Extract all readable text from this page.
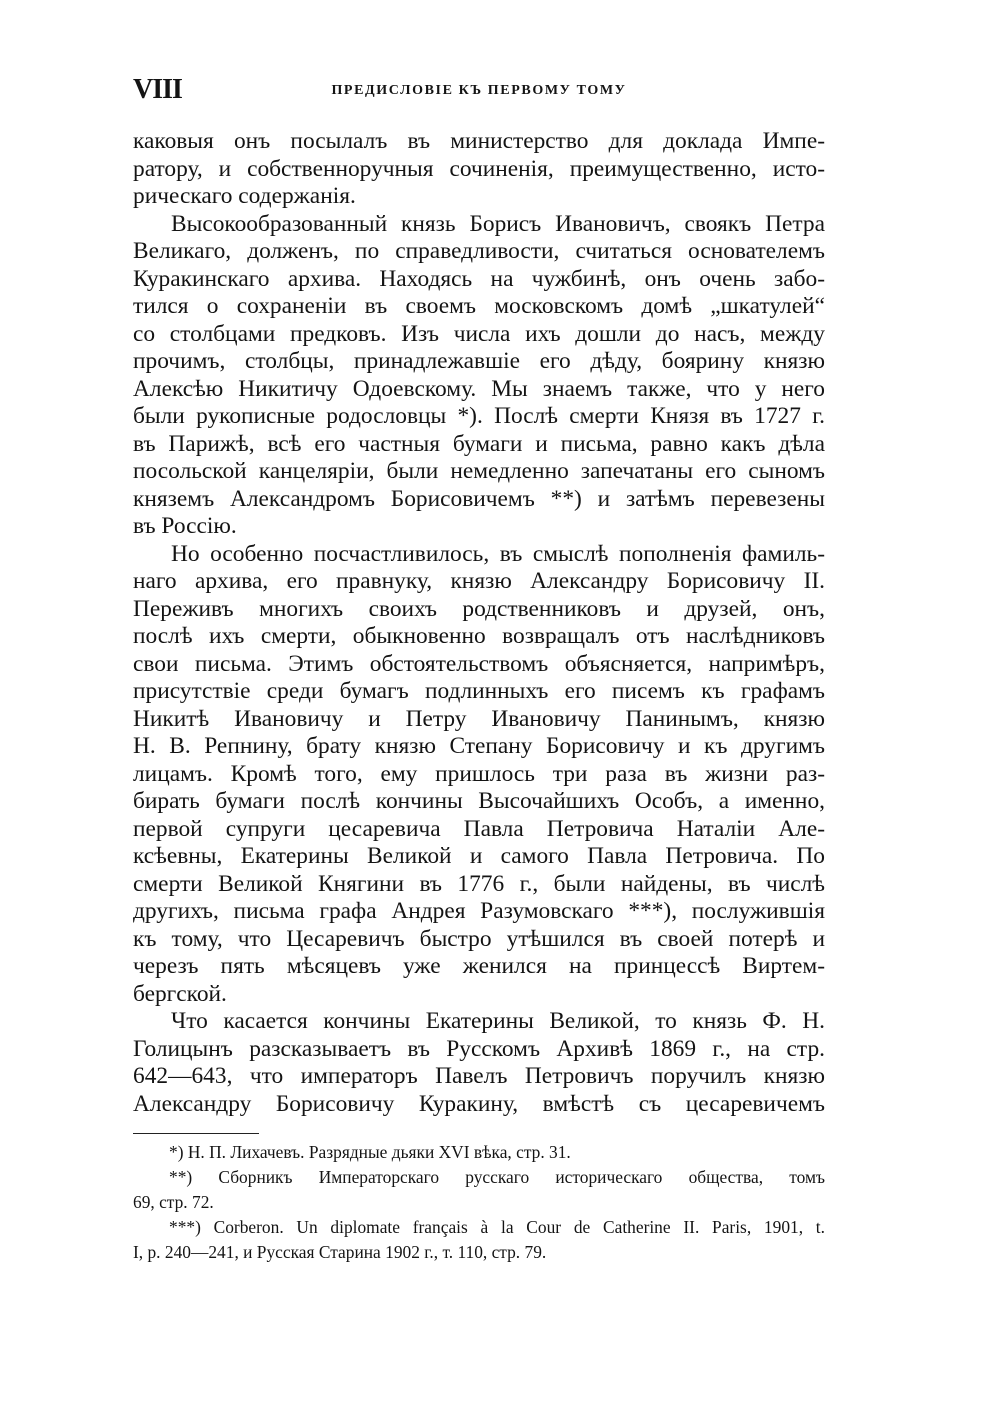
VIII	ПРЕДИСЛОВІЕ КЪ ПЕРВОМУ ТОМУ

каковыя онъ посылалъ въ министерство для доклада Импе-
ратору, и собственноручныя сочиненія, преимущественно, исто-
рическаго содержанія.

Высокообразованный князь Борисъ Ивановичъ, своякъ Петра
Великаго, долженъ, по справедливости, считаться основателемъ
Куракинскаго архива. Находясь на чужбинѣ, онъ очень забо-
тился о сохраненіи въ своемъ московскомъ домѣ „шкатулей“
со столбцами предковъ. Изъ числа ихъ дошли до насъ, между
прочимъ, столбцы, принадлежавшіе его дѣду, боярину князю
Алексѣю Никитичу Одоевскому. Мы знаемъ также, что у него
были рукописные родословцы *). Послѣ смерти Князя въ 1727 г.
въ Парижѣ, всѣ его частныя бумаги и письма, равно какъ дѣла
посольской канцеляріи, были немедленно запечатаны его сыномъ
княземъ Александромъ Борисовичемъ **) и затѣмъ перевезены
въ Россію.

Но особенно посчастливилось, въ смыслѣ пополненія фамиль-
наго архива, его правнуку, князю Александру Борисовичу II.
Переживъ многихъ своихъ родственниковъ и друзей, онъ,
послѣ ихъ смерти, обыкновенно возвращалъ отъ наслѣдниковъ
свои письма. Этимъ обстоятельствомъ объясняется, напримѣръ,
присутствіе среди бумагъ подлинныхъ его писемъ къ графамъ
Никитѣ Ивановичу и Петру Ивановичу Панинымъ, князю
Н. В. Репнину, брату князю Степану Борисовичу и къ другимъ
лицамъ. Кромѣ того, ему пришлось три раза въ жизни раз-
бирать бумаги послѣ кончины Высочайшихъ Особъ, а именно,
первой супруги цесаревича Павла Петровича Наталіи Але-
ксѣевны, Екатерины Великой и самого Павла Петровича. По
смерти Великой Княгини въ 1776 г., были найдены, въ числѣ
другихъ, письма графа Андрея Разумовскаго ***), послужившія
къ тому, что Цесаревичъ быстро утѣшился въ своей потерѣ и
черезъ пять мѣсяцевъ уже женился на принцессѣ Виртем-
бергской.

Что касается кончины Екатерины Великой, то князь Ф. Н.
Голицынъ разсказываетъ въ Русскомъ Архивѣ 1869 г., на стр.
642—643, что императоръ Павелъ Петровичъ поручилъ князю
Александру Борисовичу Куракину, вмѣстѣ съ цесаревичемъ

*) Н. П. Лихачевъ. Разрядные дьяки XVI вѣка, стр. 31.

**) Сборникъ Императорскаго русскаго историческаго общества, томъ
69, стр. 72.

***) Corberon. Un diplomate français à la Cour de Catherine II. Paris, 1901, t.
I, p. 240—241, и Русская Старина 1902 г., т. 110, стр. 79.
